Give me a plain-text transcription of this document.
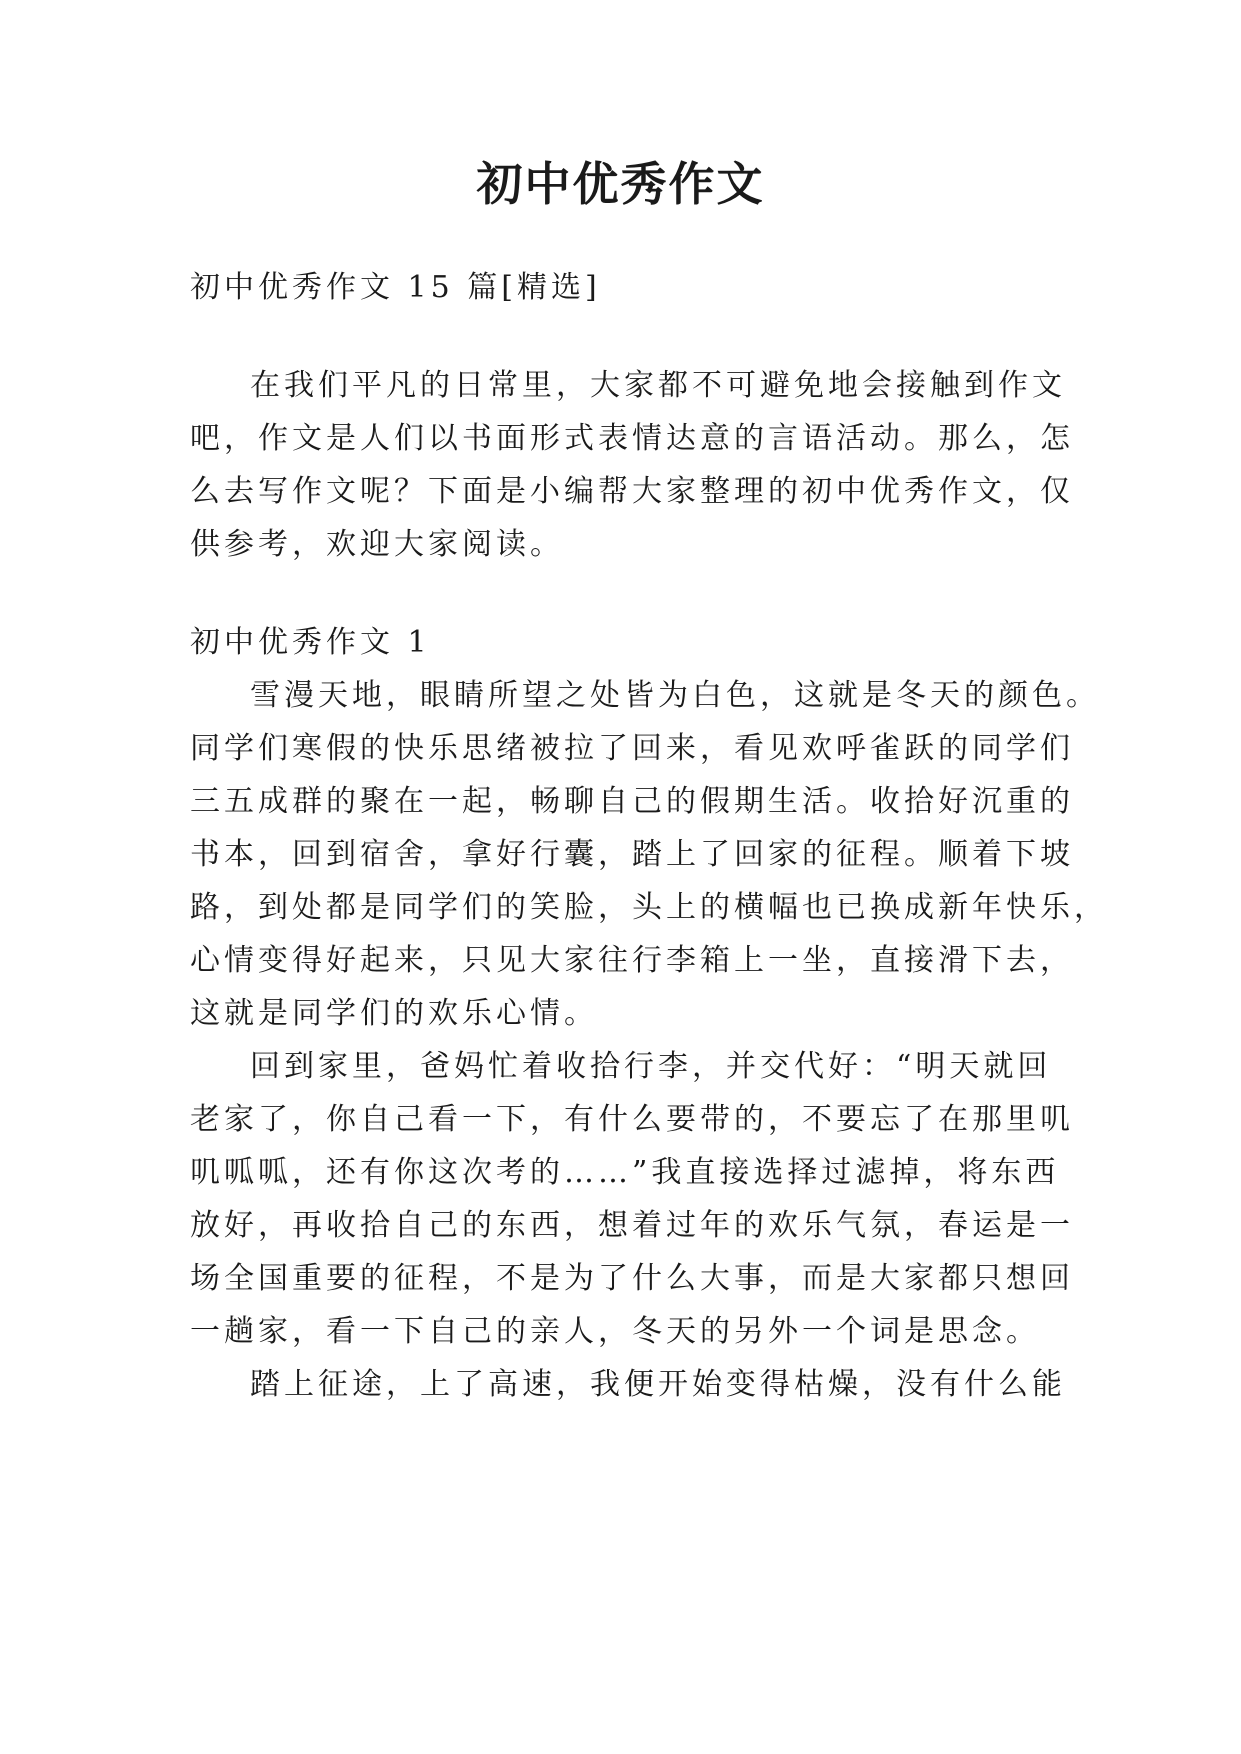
初中优秀作文
初中优秀作文 15 篇[精选]
在我们平凡的日常里，大家都不可避免地会接触到作文
吧，作文是人们以书面形式表情达意的言语活动。那么，怎
么去写作文呢？下面是小编帮大家整理的初中优秀作文，仅
供参考，欢迎大家阅读。
初中优秀作文 1
雪漫天地，眼睛所望之处皆为白色，这就是冬天的颜色。
同学们寒假的快乐思绪被拉了回来，看见欢呼雀跃的同学们
三五成群的聚在一起，畅聊自己的假期生活。收拾好沉重的
书本，回到宿舍，拿好行囊，踏上了回家的征程。顺着下坡
路，到处都是同学们的笑脸，头上的横幅也已换成新年快乐，
心情变得好起来，只见大家往行李箱上一坐，直接滑下去，
这就是同学们的欢乐心情。
回到家里，爸妈忙着收拾行李，并交代好：“明天就回
老家了，你自己看一下，有什么要带的，不要忘了在那里叽
叽呱呱，还有你这次考的……”我直接选择过滤掉，将东西
放好，再收拾自己的东西，想着过年的欢乐气氛，春运是一
场全国重要的征程，不是为了什么大事，而是大家都只想回
一趟家，看一下自己的亲人，冬天的另外一个词是思念。
踏上征途，上了高速，我便开始变得枯燥，没有什么能
